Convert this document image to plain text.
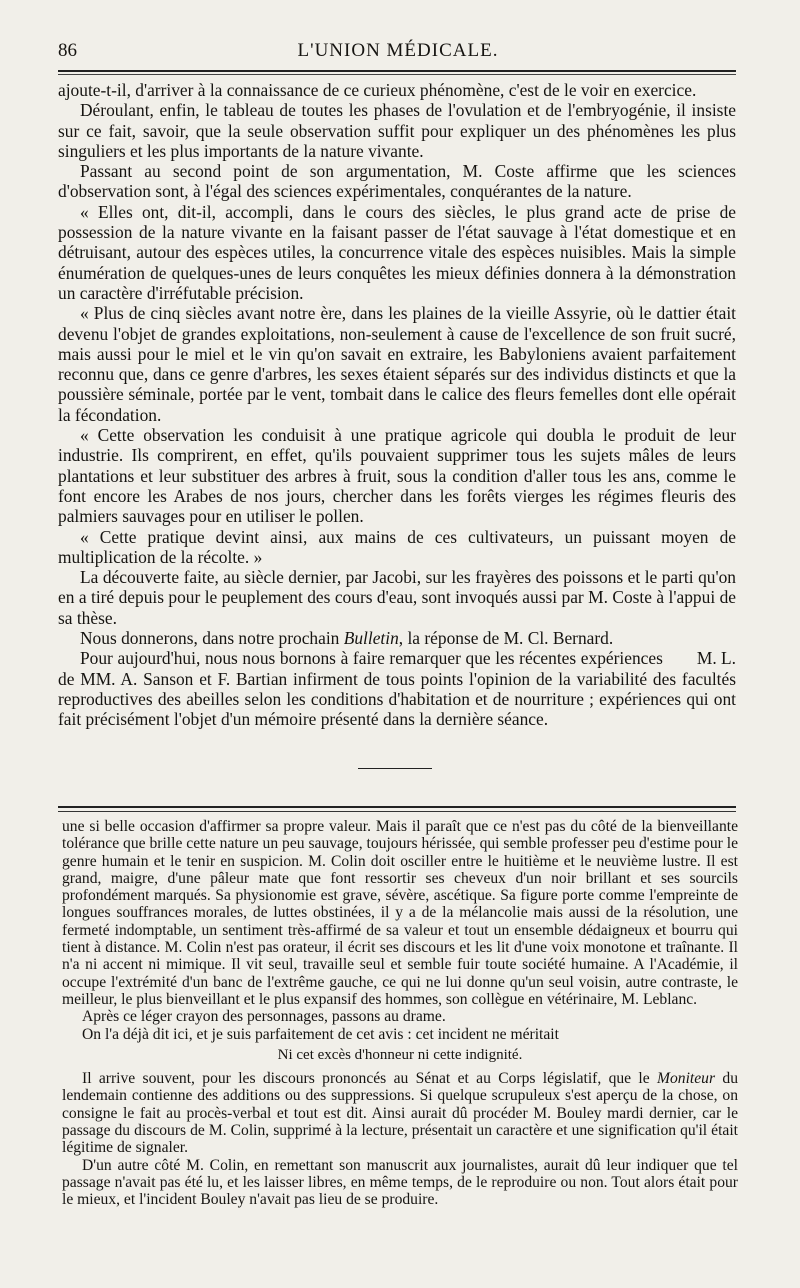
86	L'UNION MÉDICALE.

ajoute-t-il, d'arriver à la connaissance de ce curieux phénomène, c'est de le voir en exercice.

Déroulant, enfin, le tableau de toutes les phases de l'ovulation et de l'embryogénie, il insiste sur ce fait, savoir, que la seule observation suffit pour expliquer un des phénomènes les plus singuliers et les plus importants de la nature vivante.

Passant au second point de son argumentation, M. Coste affirme que les sciences d'observation sont, à l'égal des sciences expérimentales, conquérantes de la nature.

« Elles ont, dit-il, accompli, dans le cours des siècles, le plus grand acte de prise de possession de la nature vivante en la faisant passer de l'état sauvage à l'état domestique et en détruisant, autour des espèces utiles, la concurrence vitale des espèces nuisibles. Mais la simple énumération de quelques-unes de leurs conquêtes les mieux définies donnera à la démonstration un caractère d'irréfutable précision.

« Plus de cinq siècles avant notre ère, dans les plaines de la vieille Assyrie, où le dattier était devenu l'objet de grandes exploitations, non-seulement à cause de l'excellence de son fruit sucré, mais aussi pour le miel et le vin qu'on savait en extraire, les Babyloniens avaient parfaitement reconnu que, dans ce genre d'arbres, les sexes étaient séparés sur des individus distincts et que la poussière séminale, portée par le vent, tombait dans le calice des fleurs femelles dont elle opérait la fécondation.

« Cette observation les conduisit à une pratique agricole qui doubla le produit de leur industrie. Ils comprirent, en effet, qu'ils pouvaient supprimer tous les sujets mâles de leurs plantations et leur substituer des arbres à fruit, sous la condition d'aller tous les ans, comme le font encore les Arabes de nos jours, chercher dans les forêts vierges les régimes fleuris des palmiers sauvages pour en utiliser le pollen.

« Cette pratique devint ainsi, aux mains de ces cultivateurs, un puissant moyen de multiplication de la récolte. »

La découverte faite, au siècle dernier, par Jacobi, sur les frayères des poissons et le parti qu'on en a tiré depuis pour le peuplement des cours d'eau, sont invoqués aussi par M. Coste à l'appui de sa thèse.

Nous donnerons, dans notre prochain Bulletin, la réponse de M. Cl. Bernard.

M. L.
Pour aujourd'hui, nous nous bornons à faire remarquer que les récentes expériences de MM. A. Sanson et F. Bartian infirment de tous points l'opinion de la variabilité des facultés reproductives des abeilles selon les conditions d'habitation et de nourriture ; expériences qui ont fait précisément l'objet d'un mémoire présenté dans la dernière séance.

une si belle occasion d'affirmer sa propre valeur. Mais il paraît que ce n'est pas du côté de la bienveillante tolérance que brille cette nature un peu sauvage, toujours hérissée, qui semble professer peu d'estime pour le genre humain et le tenir en suspicion. M. Colin doit osciller entre le huitième et le neuvième lustre. Il est grand, maigre, d'une pâleur mate que font ressortir ses cheveux d'un noir brillant et ses sourcils profondément marqués. Sa physionomie est grave, sévère, ascétique. Sa figure porte comme l'empreinte de longues souffrances morales, de luttes obstinées, il y a de la mélancolie mais aussi de la résolution, une fermeté indomptable, un sentiment très-affirmé de sa valeur et tout un ensemble dédaigneux et bourru qui tient à distance. M. Colin n'est pas orateur, il écrit ses discours et les lit d'une voix monotone et traînante. Il n'a ni accent ni mimique. Il vit seul, travaille seul et semble fuir toute société humaine. A l'Académie, il occupe l'extrémité d'un banc de l'extrême gauche, ce qui ne lui donne qu'un seul voisin, autre contraste, le meilleur, le plus bienveillant et le plus expansif des hommes, son collègue en vétérinaire, M. Leblanc.

Après ce léger crayon des personnages, passons au drame.

On l'a déjà dit ici, et je suis parfaitement de cet avis : cet incident ne méritait

Ni cet excès d'honneur ni cette indignité.

Il arrive souvent, pour les discours prononcés au Sénat et au Corps législatif, que le Moniteur du lendemain contienne des additions ou des suppressions. Si quelque scrupuleux s'est aperçu de la chose, on consigne le fait au procès-verbal et tout est dit. Ainsi aurait dû procéder M. Bouley mardi dernier, car le passage du discours de M. Colin, supprimé à la lecture, présentait un caractère et une signification qu'il était légitime de signaler.

D'un autre côté M. Colin, en remettant son manuscrit aux journalistes, aurait dû leur indiquer que tel passage n'avait pas été lu, et les laisser libres, en même temps, de le reproduire ou non. Tout alors était pour le mieux, et l'incident Bouley n'avait pas lieu de se produire.
